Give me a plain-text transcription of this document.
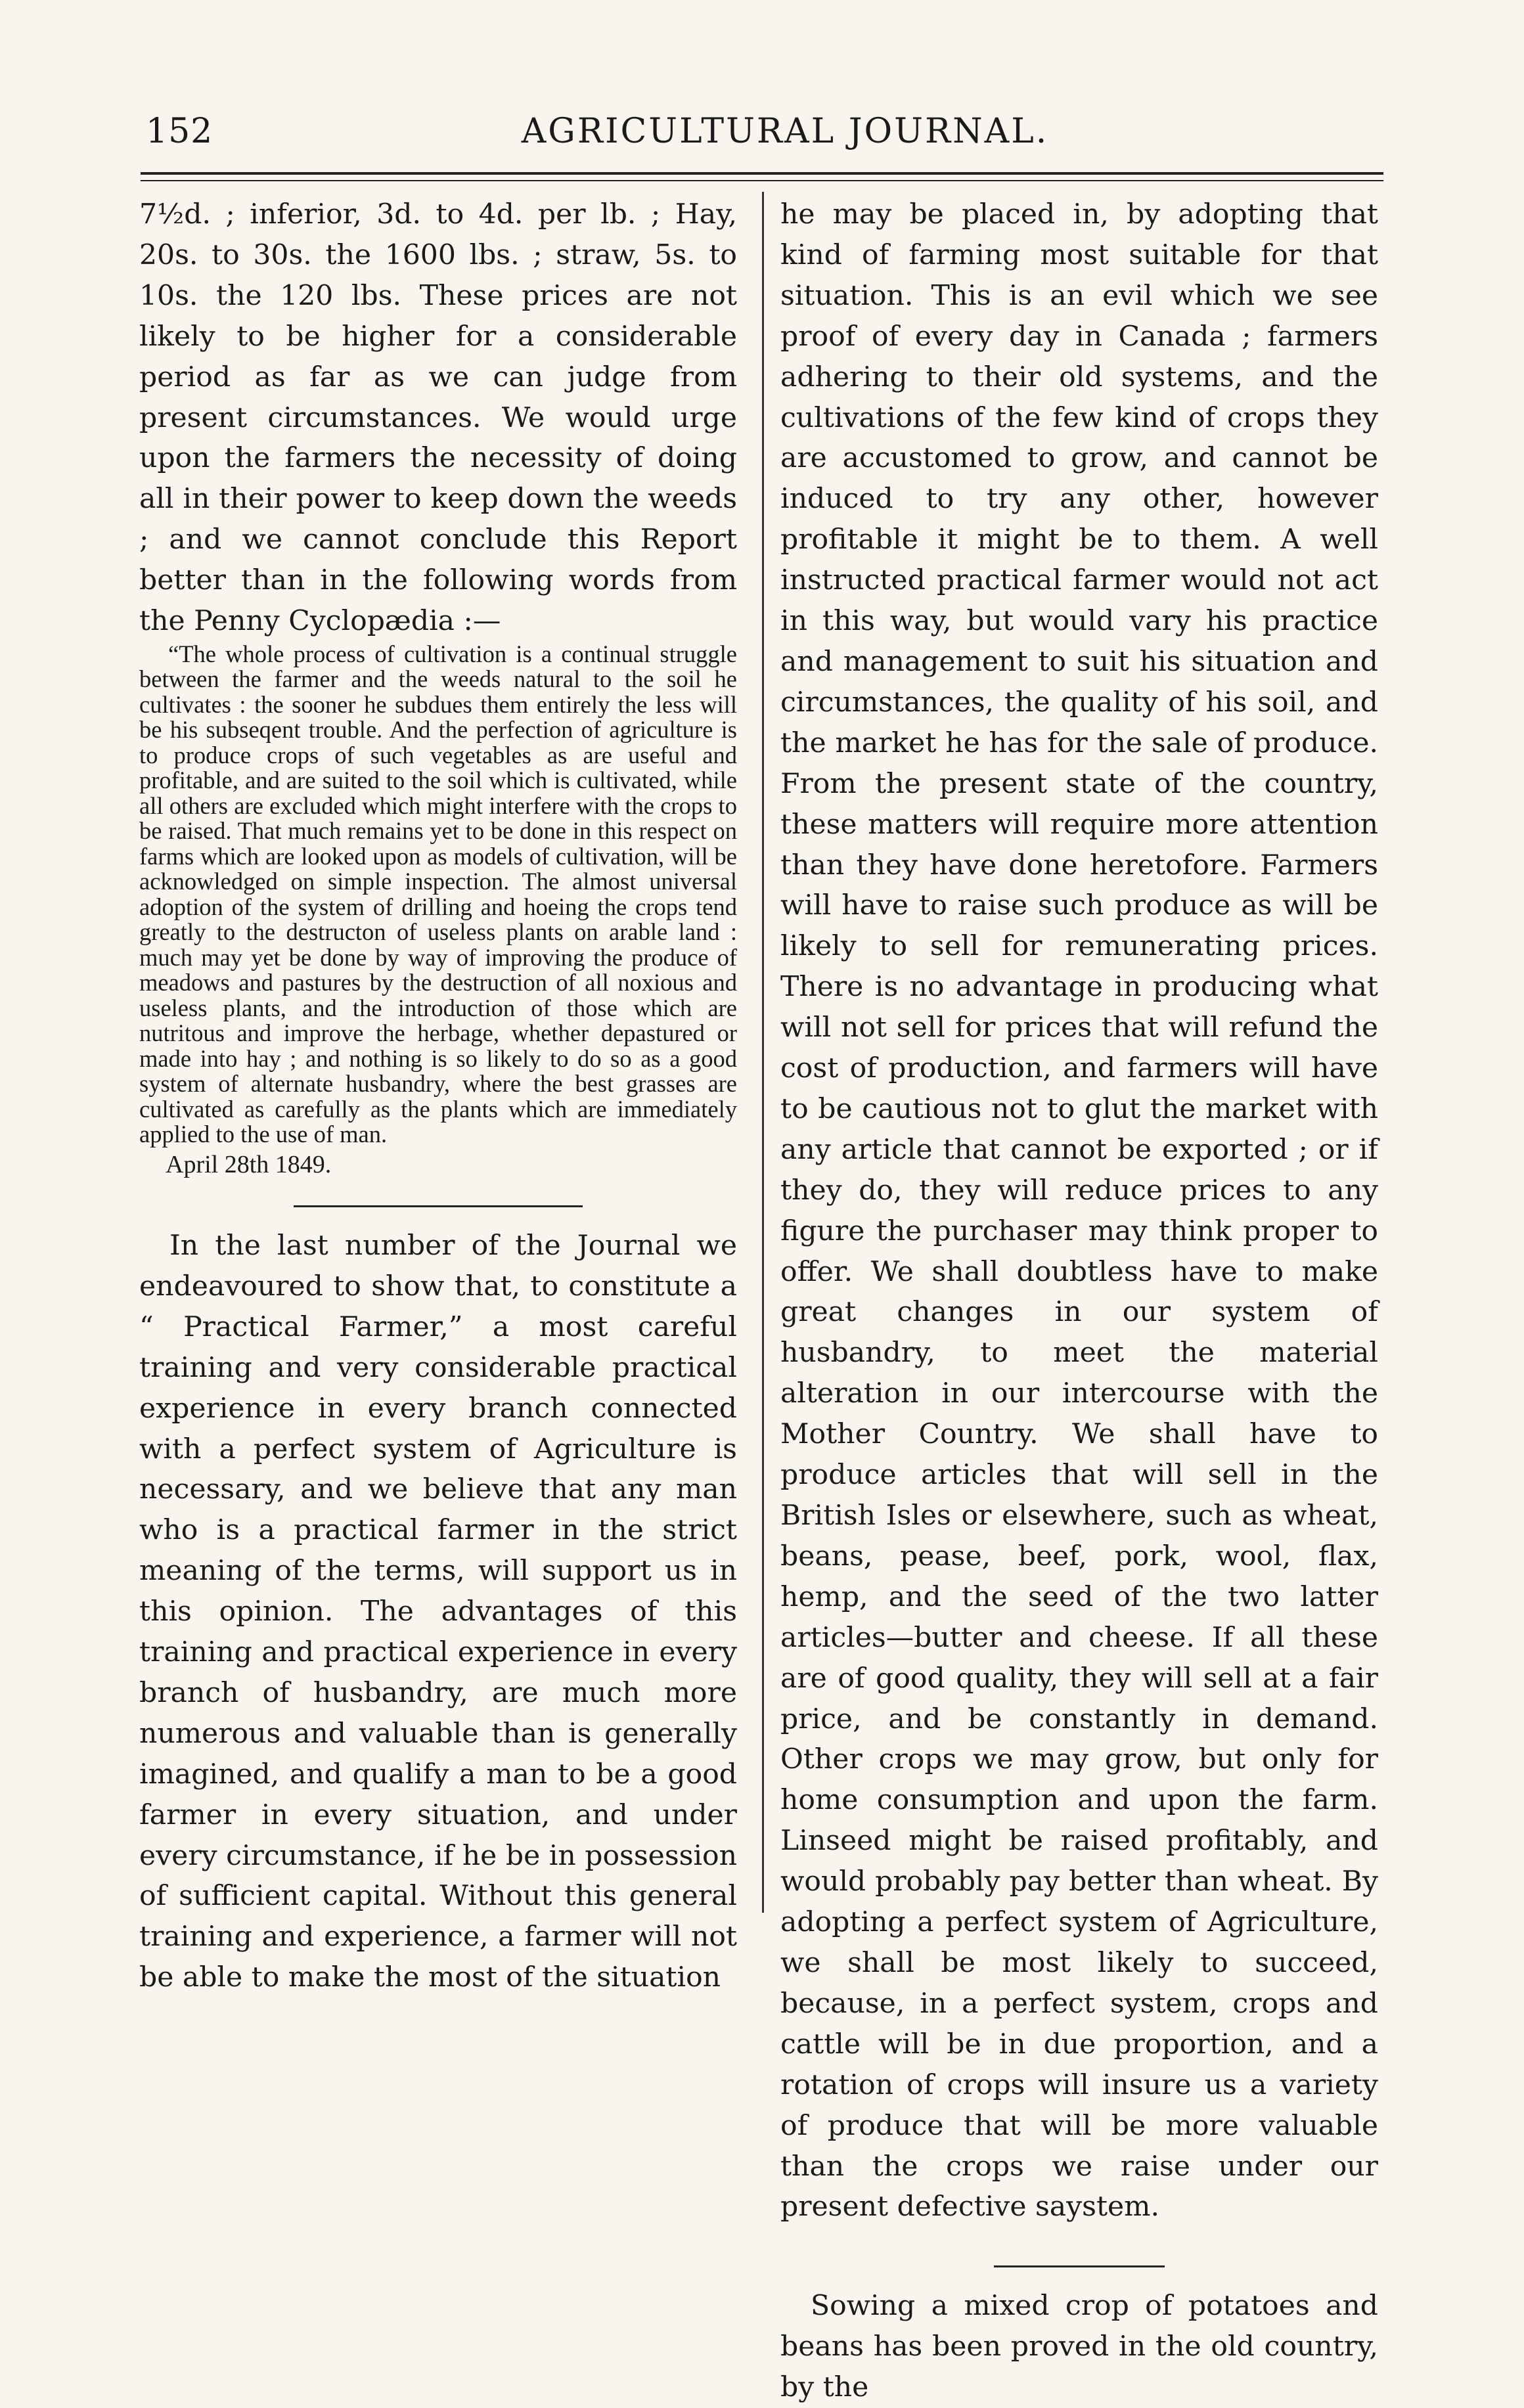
152	AGRICULTURAL JOURNAL.

7½d. ; inferior, 3d. to 4d. per lb. ; Hay, 20s. to 30s. the 1600 lbs. ; straw, 5s. to 10s. the 120 lbs. These prices are not likely to be higher for a considerable period as far as we can judge from present circumstances. We would urge upon the farmers the necessity of doing all in their power to keep down the weeds ; and we cannot conclude this Report better than in the following words from the Penny Cyclopædia :—

“The whole process of cultivation is a continual struggle between the farmer and the weeds natural to the soil he cultivates : the sooner he subdues them entirely the less will be his subseqent trouble. And the perfection of agriculture is to produce crops of such vegetables as are useful and profitable, and are suited to the soil which is cultivated, while all others are excluded which might interfere with the crops to be raised. That much remains yet to be done in this respect on farms which are looked upon as models of cultivation, will be acknowledged on simple inspection. The almost universal adoption of the system of drilling and hoeing the crops tend greatly to the destructon of useless plants on arable land : much may yet be done by way of improving the produce of meadows and pastures by the destruction of all noxious and useless plants, and the introduction of those which are nutritous and improve the herbage, whether depastured or made into hay ; and nothing is so likely to do so as a good system of alternate husbandry, where the best grasses are cultivated as carefully as the plants which are immediately applied to the use of man.

April 28th 1849.

In the last number of the Journal we endeavoured to show that, to constitute a “ Practical Farmer,” a most careful training and very considerable practical experience in every branch connected with a perfect system of Agriculture is necessary, and we believe that any man who is a practical farmer in the strict meaning of the terms, will support us in this opinion. The advantages of this training and practical experience in every branch of husbandry, are much more numerous and valuable than is generally imagined, and qualify a man to be a good farmer in every situation, and under every circumstance, if he be in possession of sufficient capital. Without this general training and experience, a farmer will not be able to make the most of the situation

he may be placed in, by adopting that kind of farming most suitable for that situation. This is an evil which we see proof of every day in Canada ; farmers adhering to their old systems, and the cultivations of the few kind of crops they are accustomed to grow, and cannot be induced to try any other, however profitable it might be to them. A well instructed practical farmer would not act in this way, but would vary his practice and management to suit his situation and circumstances, the quality of his soil, and the market he has for the sale of produce. From the present state of the country, these matters will require more attention than they have done heretofore. Farmers will have to raise such produce as will be likely to sell for remunerating prices. There is no advantage in producing what will not sell for prices that will refund the cost of production, and farmers will have to be cautious not to glut the market with any article that cannot be exported ; or if they do, they will reduce prices to any figure the purchaser may think proper to offer. We shall doubtless have to make great changes in our system of husbandry, to meet the material alteration in our intercourse with the Mother Country. We shall have to produce articles that will sell in the British Isles or elsewhere, such as wheat, beans, pease, beef, pork, wool, flax, hemp, and the seed of the two latter articles—butter and cheese. If all these are of good quality, they will sell at a fair price, and be constantly in demand. Other crops we may grow, but only for home consumption and upon the farm. Linseed might be raised profitably, and would probably pay better than wheat. By adopting a perfect system of Agriculture, we shall be most likely to succeed, because, in a perfect system, crops and cattle will be in due proportion, and a rotation of crops will insure us a variety of produce that will be more valuable than the crops we raise under our present defective saystem.

Sowing a mixed crop of potatoes and beans has been proved in the old country, by the
